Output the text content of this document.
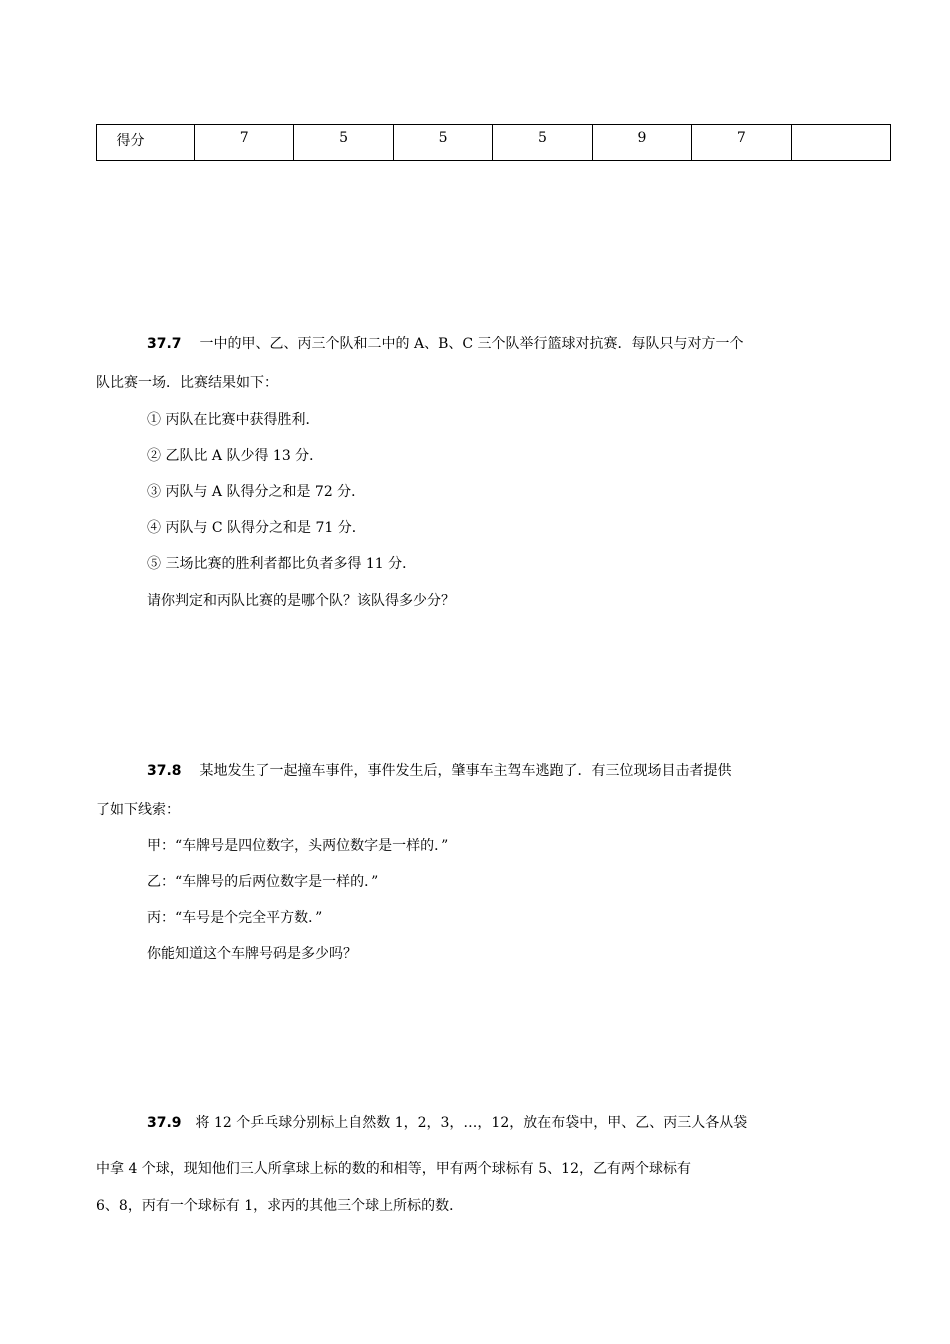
得分	7	5	5	5	9	7	
37.7 一中的甲、乙、丙三个队和二中的 A、B、C 三个队举行篮球对抗赛．每队只与对方一个
队比赛一场．比赛结果如下：
① 丙队在比赛中获得胜利．
② 乙队比 A 队少得 13 分．
③ 丙队与 A 队得分之和是 72 分．
④ 丙队与 C 队得分之和是 71 分．
⑤ 三场比赛的胜利者都比负者多得 11 分．
请你判定和丙队比赛的是哪个队？该队得多少分？
37.8 某地发生了一起撞车事件，事件发生后，肇事车主驾车逃跑了．有三位现场目击者提供
了如下线索：
甲：“车牌号是四位数字，头两位数字是一样的．”
乙：“车牌号的后两位数字是一样的．”
丙：“车号是个完全平方数．”
你能知道这个车牌号码是多少吗？
37.9 将 12 个乒乓球分别标上自然数 1，2，3，…，12，放在布袋中，甲、乙、丙三人各从袋
中拿 4 个球，现知他们三人所拿球上标的数的和相等，甲有两个球标有 5、12，乙有两个球标有
6、8，丙有一个球标有 1，求丙的其他三个球上所标的数．
